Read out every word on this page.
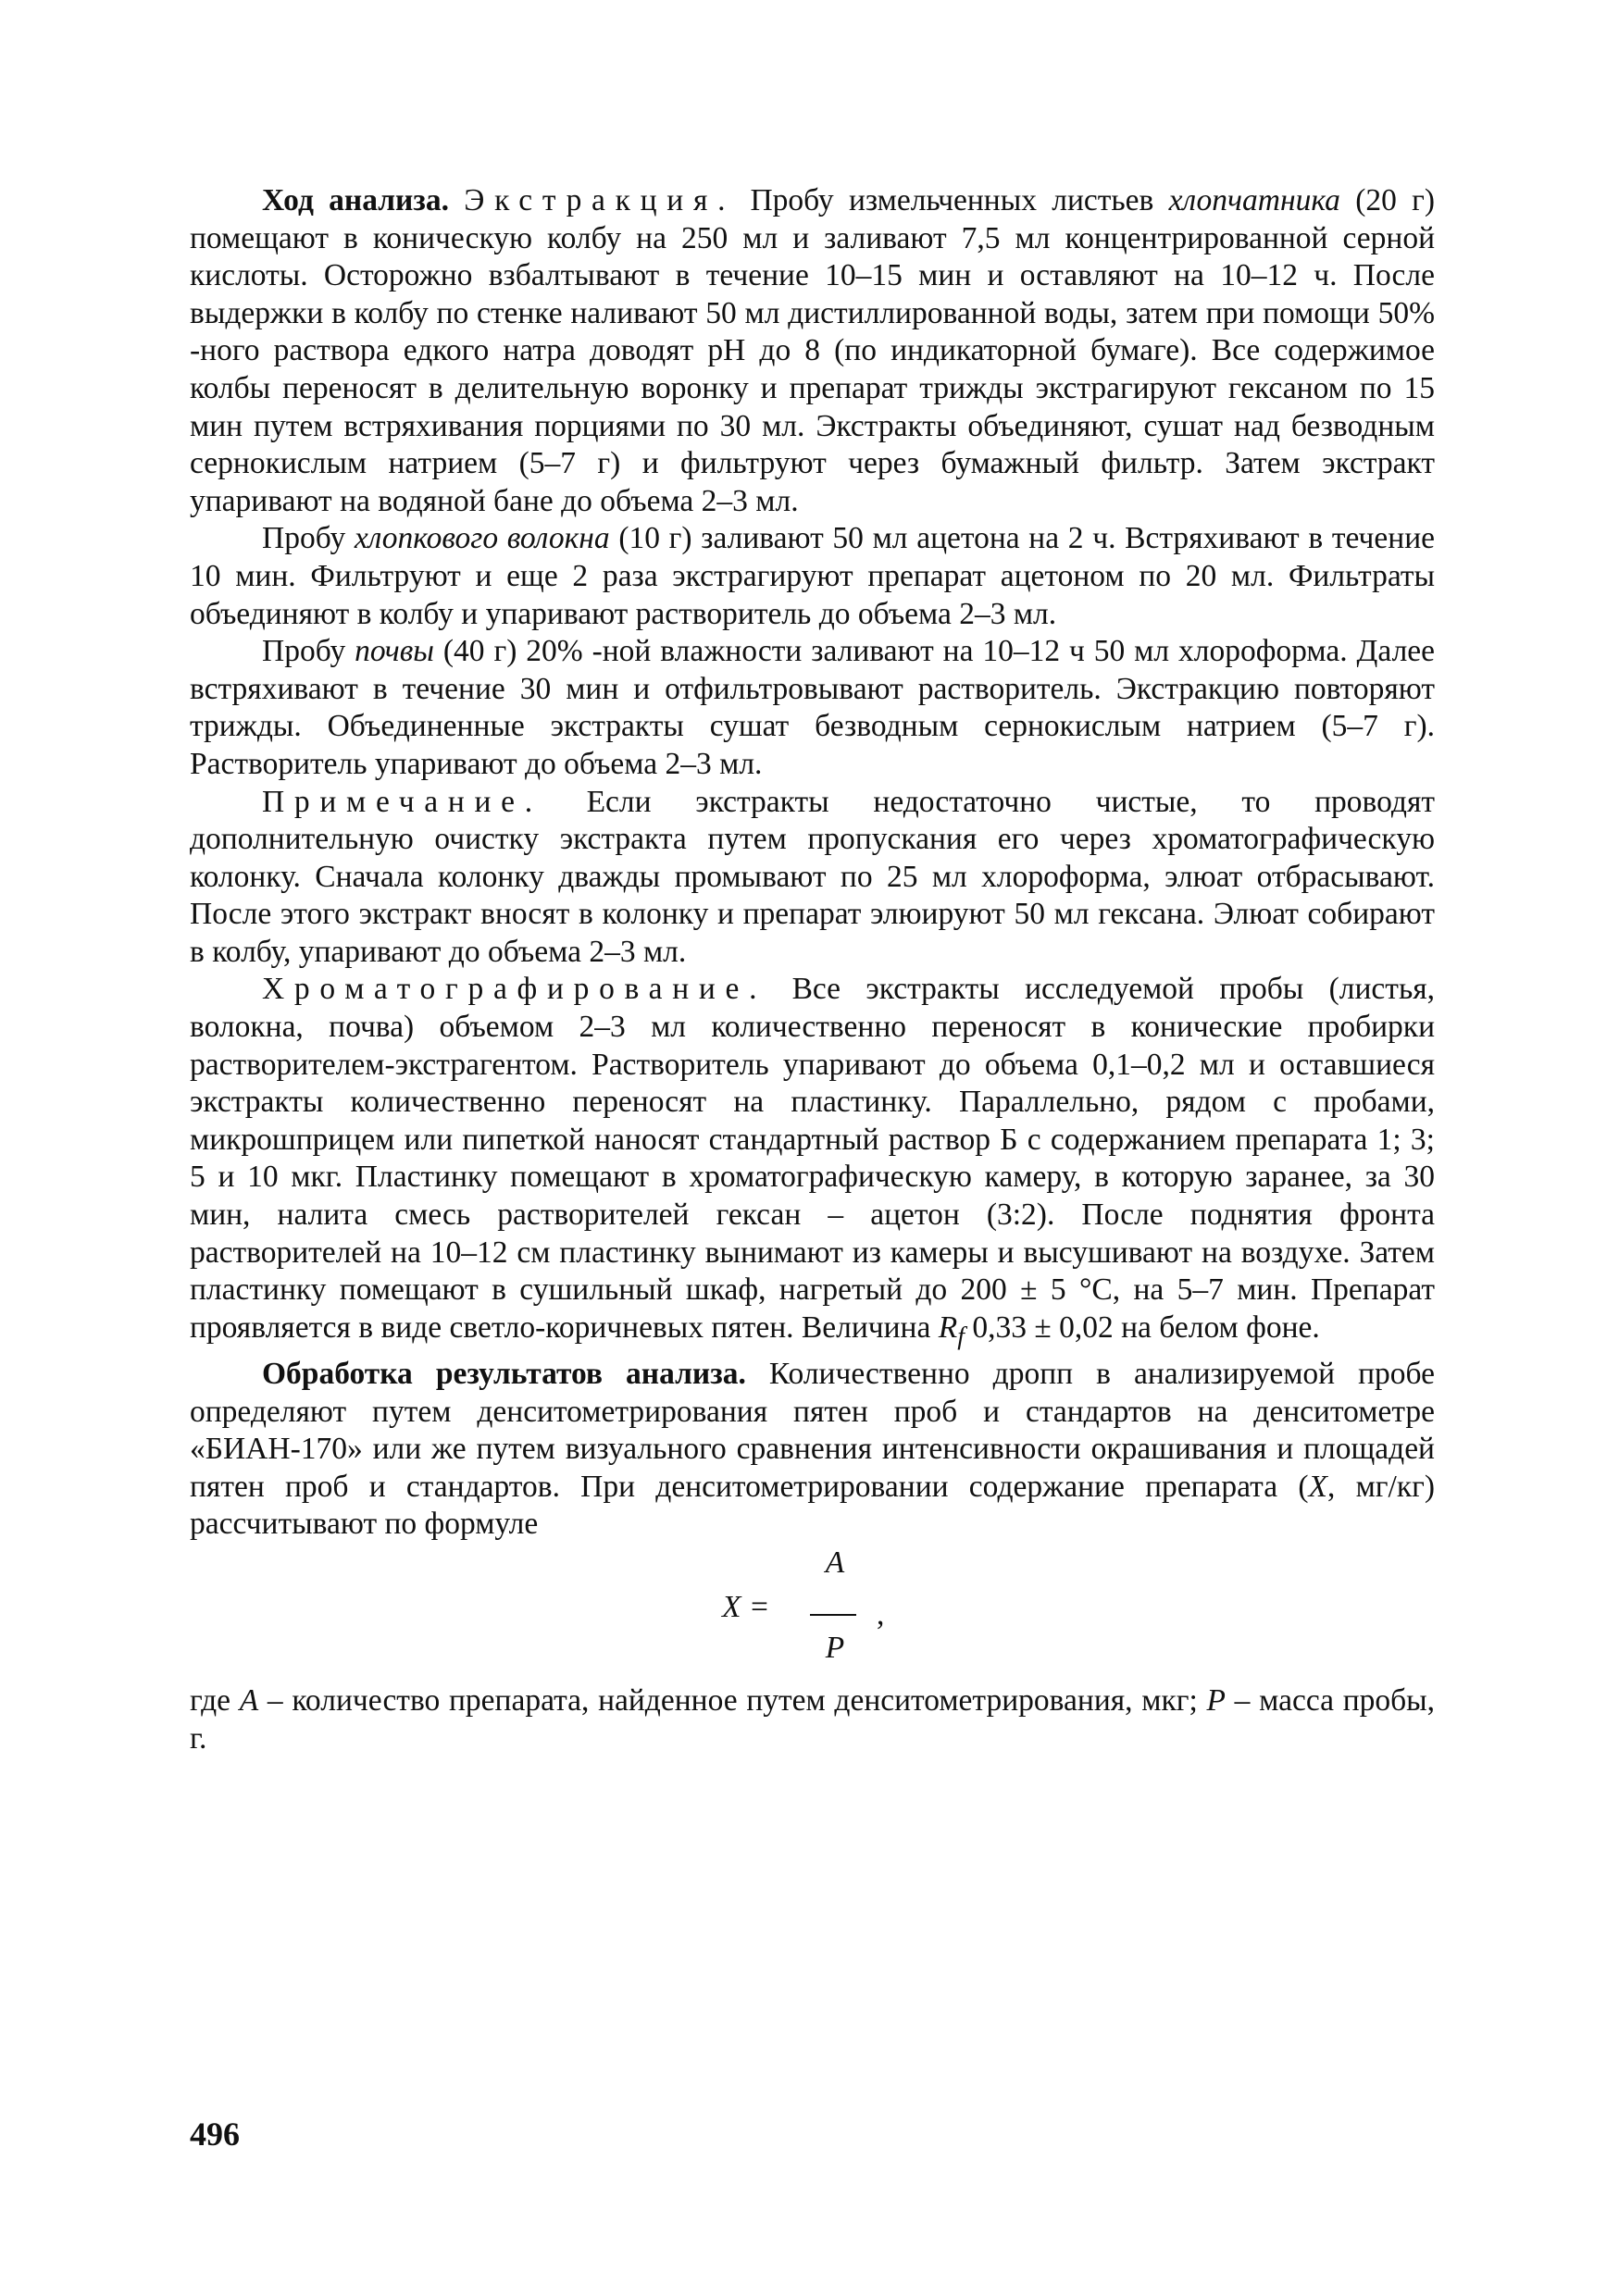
Ход анализа. Экстракция. Пробу измельченных листьев хлопчатника (20 г) помещают в коническую колбу на 250 мл и заливают 7,5 мл концентрированной серной кислоты. Осторожно взбалтывают в течение 10–15 мин и оставляют на 10–12 ч. После выдержки в колбу по стенке наливают 50 мл дистиллированной воды, затем при помощи 50% -ного раствора едкого натра доводят pH до 8 (по индикаторной бумаге). Все содержимое колбы переносят в делительную воронку и препарат трижды экстрагируют гексаном по 15 мин путем встряхивания порциями по 30 мл. Экстракты объединяют, сушат над безводным сернокислым натрием (5–7 г) и фильтруют через бумажный фильтр. Затем экстракт упаривают на водяной бане до объема 2–3 мл.

Пробу хлопкового волокна (10 г) заливают 50 мл ацетона на 2 ч. Встряхивают в течение 10 мин. Фильтруют и еще 2 раза экстрагируют препарат ацетоном по 20 мл. Фильтраты объединяют в колбу и упаривают растворитель до объема 2–3 мл.

Пробу почвы (40 г) 20% -ной влажности заливают на 10–12 ч 50 мл хлороформа. Далее встряхивают в течение 30 мин и отфильтровывают растворитель. Экстракцию повторяют трижды. Объединенные экстракты сушат безводным сернокислым натрием (5–7 г). Растворитель упаривают до объема 2–3 мл.

Примечание. Если экстракты недостаточно чистые, то проводят дополнительную очистку экстракта путем пропускания его через хроматографическую колонку. Сначала колонку дважды промывают по 25 мл хлороформа, элюат отбрасывают. После этого экстракт вносят в колонку и препарат элюируют 50 мл гексана. Элюат собирают в колбу, упаривают до объема 2–3 мл.

Хроматографирование. Все экстракты исследуемой пробы (листья, волокна, почва) объемом 2–3 мл количественно переносят в конические пробирки растворителем-экстрагентом. Растворитель упаривают до объема 0,1–0,2 мл и оставшиеся экстракты количественно переносят на пластинку. Параллельно, рядом с пробами, микрошприцем или пипеткой наносят стандартный раствор Б с содержанием препарата 1; 3; 5 и 10 мкг. Пластинку помещают в хроматографическую камеру, в которую заранее, за 30 мин, налита смесь растворителей гексан – ацетон (3:2). После поднятия фронта растворителей на 10–12 см пластинку вынимают из камеры и высушивают на воздухе. Затем пластинку помещают в сушильный шкаф, нагретый до 200 ± 5 °С, на 5–7 мин. Препарат проявляется в виде светло-коричневых пятен. Величина $R_f$ 0,33 ± 0,02 на белом фоне.

Обработка результатов анализа. Количественно дропп в анализируемой пробе определяют путем денситометрирования пятен проб и стандартов на денситометре «БИАН-170» или же путем визуального сравнения интенсивности окрашивания и площадей пятен проб и стандартов. При денситометрировании содержание препарата (X, мг/кг) рассчитывают по формуле

X =
A
P
,

где A – количество препарата, найденное путем денситометрирования, мкг; P – масса пробы, г.

496
